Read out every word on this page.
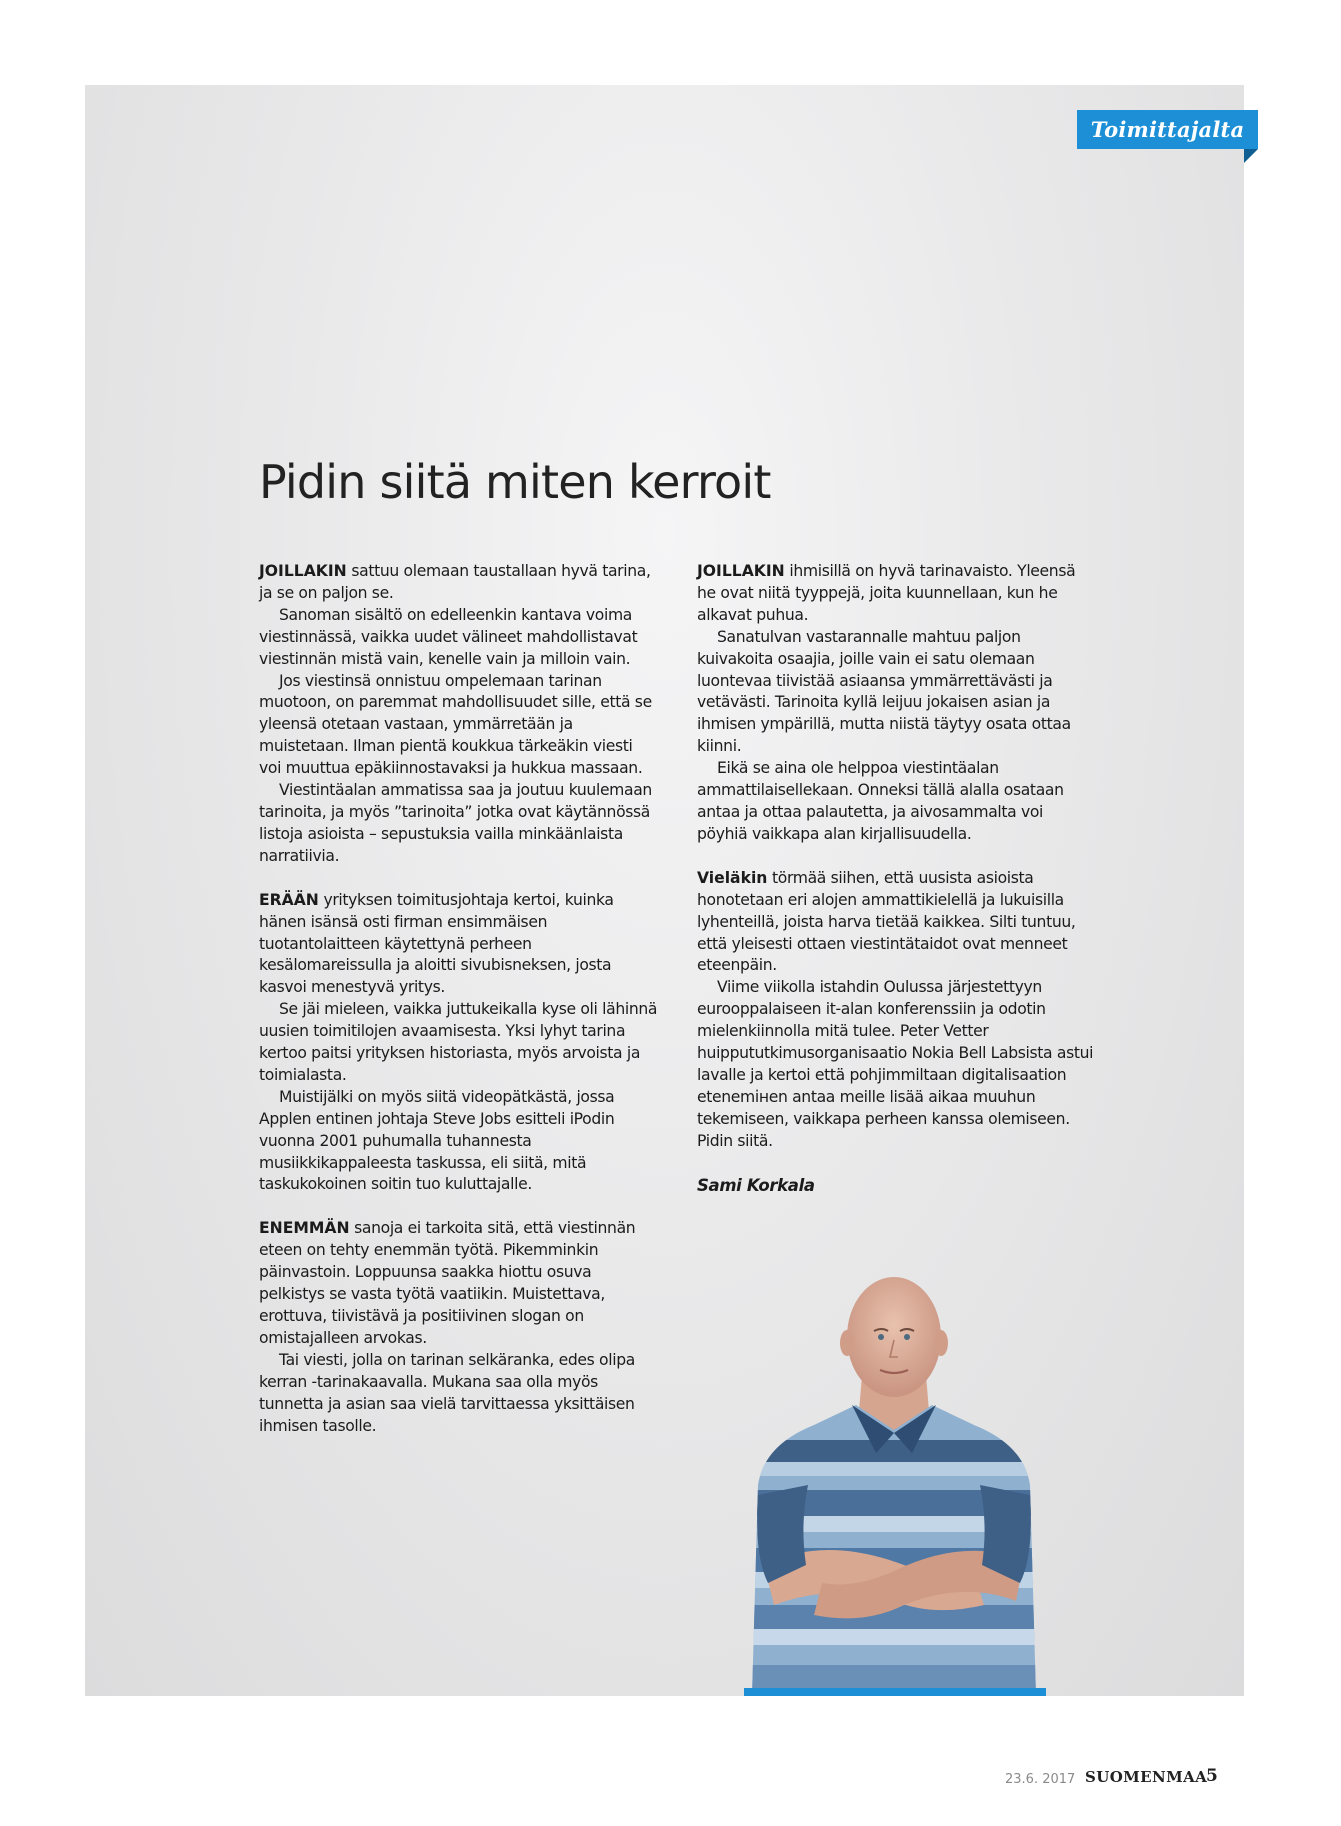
Toimittajalta
Pidin siitä miten kerroit

JOILLAKIN sattuu olemaan taustallaan hyvä tarina, ja se on paljon se.

Sanoman sisältö on edelleenkin kantava voima viestinnässä, vaikka uudet välineet mahdollistavat viestinnän mistä vain, kenelle vain ja milloin vain.

Jos viestinsä onnistuu ompelemaan tarinan muotoon, on paremmat mahdollisuudet sille, että se yleensä otetaan vastaan, ymmärretään ja muistetaan. Ilman pientä koukkua tärkeäkin viesti voi muuttua epäkiinnostavaksi ja hukkua massaan.

Viestintäalan ammatissa saa ja joutuu kuulemaan tarinoita, ja myös ”tarinoita” jotka ovat käytännössä listoja asioista – sepustuksia vailla minkäänlaista narratiivia.

ERÄÄN yrityksen toimitusjohtaja kertoi, kuinka hänen isänsä osti firman ensimmäisen tuotantolaitteen käytettynä perheen kesälomareissulla ja aloitti sivubisneksen, josta kasvoi menestyvä yritys.

Se jäi mieleen, vaikka juttukeikalla kyse oli lähinnä uusien toimitilojen avaamisesta. Yksi lyhyt tarina kertoo paitsi yrityksen historiasta, myös arvoista ja toimialasta.

Muistijälki on myös siitä videopätkästä, jossa Applen entinen johtaja Steve Jobs esitteli iPodin vuonna 2001 puhumalla tuhannesta musiikkikappaleesta taskussa, eli siitä, mitä taskukokoinen soitin tuo kuluttajalle.

ENEMMÄN sanoja ei tarkoita sitä, että viestinnän eteen on tehty enemmän työtä. Pikemminkin päinvastoin. Loppuunsa saakka hiottu osuva pelkistys se vasta työtä vaatiikin. Muistettava, erottuva, tiivistävä ja positiivinen slogan on omistajalleen arvokas.

Tai viesti, jolla on tarinan selkäranka, edes olipa kerran -tarinakaavalla. Mukana saa olla myös tunnetta ja asian saa vielä tarvittaessa yksittäisen ihmisen tasolle.

JOILLAKIN ihmisillä on hyvä tarinavaisto. Yleensä he ovat niitä tyyppejä, joita kuunnellaan, kun he alkavat puhua.

Sanatulvan vastarannalle mahtuu paljon kuivakoita osaajia, joille vain ei satu olemaan luontevaa tiivistää asiaansa ymmärrettävästi ja vetävästi. Tarinoita kyllä leijuu jokaisen asian ja ihmisen ympärillä, mutta niistä täytyy osata ottaa kiinni.

Eikä se aina ole helppoa viestintäalan ammattilaisellekaan. Onneksi tällä alalla osataan antaa ja ottaa palautetta, ja aivosammalta voi pöyhiä vaikkapa alan kirjallisuudella.

Vieläkin törmää siihen, että uusista asioista honotetaan eri alojen ammattikielellä ja lukuisilla lyhenteillä, joista harva tietää kaikkea. Silti tuntuu, että yleisesti ottaen viestintätaidot ovat menneet eteenpäin.

Viime viikolla istahdin Oulussa järjestettyyn eurooppalaiseen it-alan konferenssiin ja odotin mielenkiinnolla mitä tulee. Peter Vetter huippututkimusorganisaatio Nokia Bell Labsista astui lavalle ja kertoi että pohjimmiltaan digitalisaation etenemінen antaa meille lisää aikaa muuhun tekemiseen, vaikkapa perheen kanssa olemiseen. Pidin siitä.

Sami Korkala

23.6. 2017 SUOMENMAA
5
